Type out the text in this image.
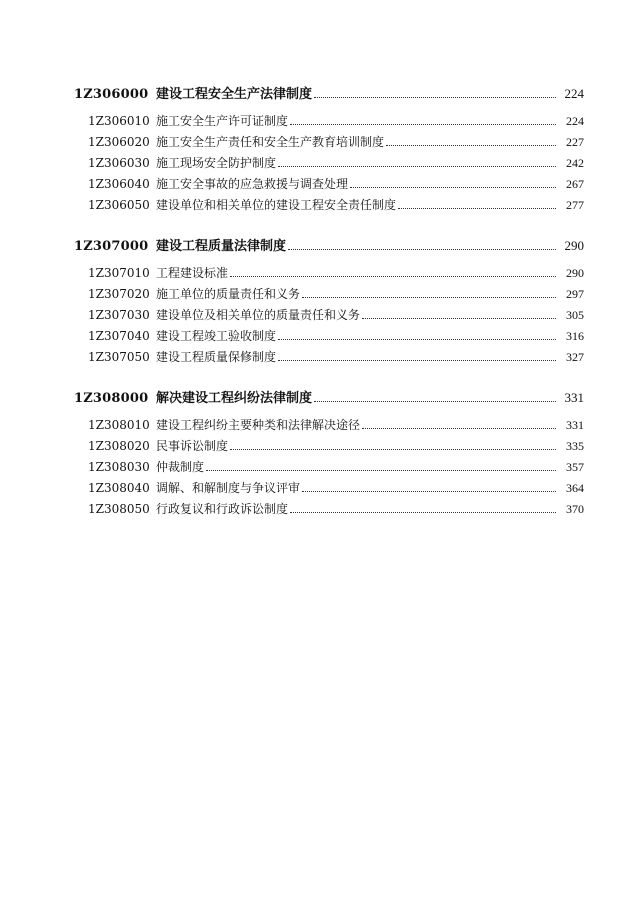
1Z306000 建设工程安全生产法律制度	224
1Z306010 施工安全生产许可证制度	224
1Z306020 施工安全生产责任和安全生产教育培训制度	227
1Z306030 施工现场安全防护制度	242
1Z306040 施工安全事故的应急救援与调查处理	267
1Z306050 建设单位和相关单位的建设工程安全责任制度	277
1Z307000 建设工程质量法律制度	290
1Z307010 工程建设标准	290
1Z307020 施工单位的质量责任和义务	297
1Z307030 建设单位及相关单位的质量责任和义务	305
1Z307040 建设工程竣工验收制度	316
1Z307050 建设工程质量保修制度	327
1Z308000 解决建设工程纠纷法律制度	331
1Z308010 建设工程纠纷主要种类和法律解决途径	331
1Z308020 民事诉讼制度	335
1Z308030 仲裁制度	357
1Z308040 调解、和解制度与争议评审	364
1Z308050 行政复议和行政诉讼制度	370
